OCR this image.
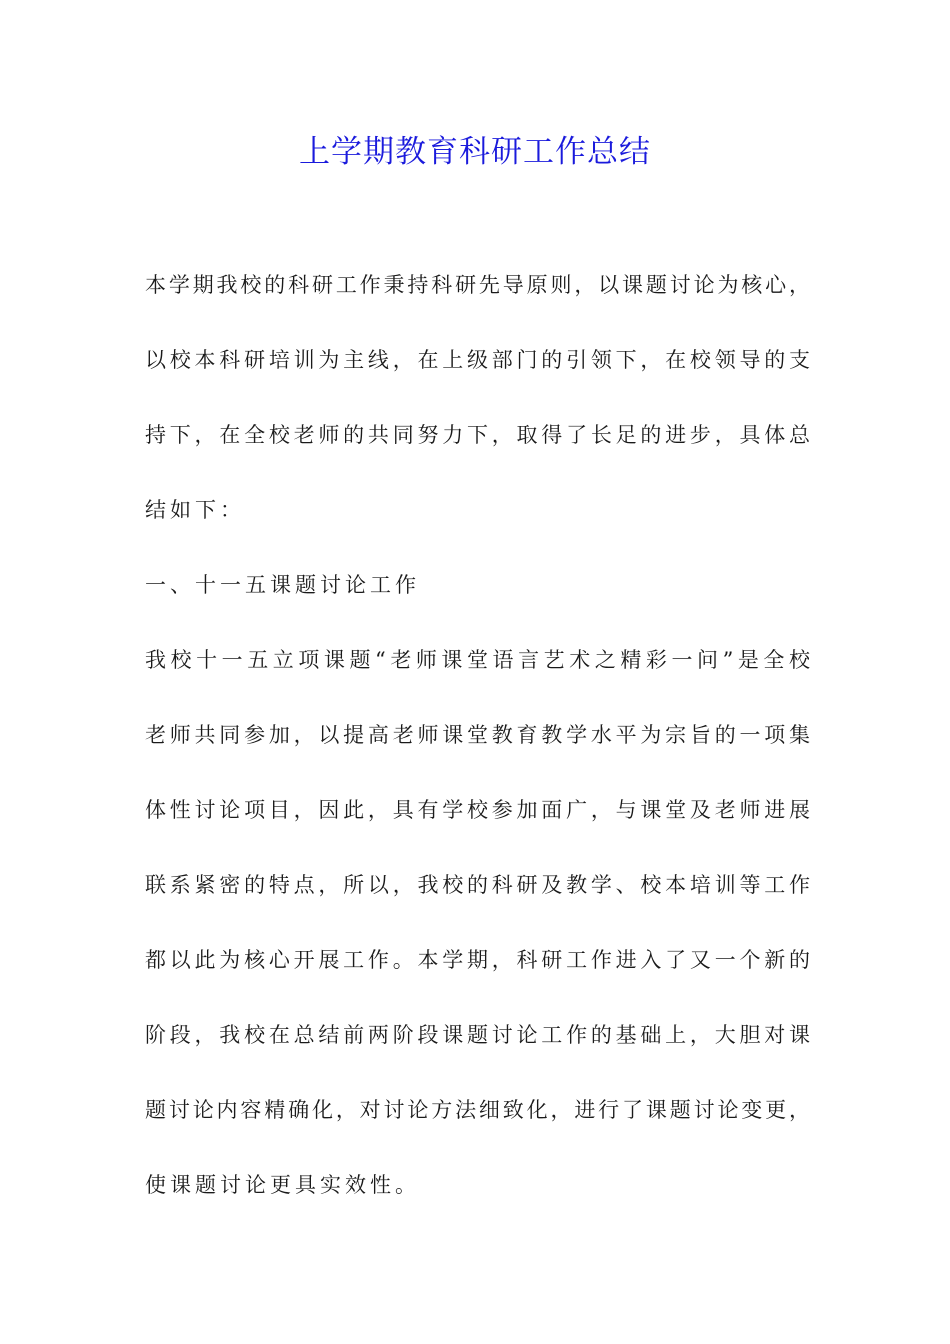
上学期教育科研工作总结

本学期我校的科研工作秉持科研先导原则，以课题讨论为核心，

以校本科研培训为主线，在上级部门的引领下，在校领导的支

持下，在全校老师的共同努力下，取得了长足的进步，具体总

结如下：

一、十一五课题讨论工作

我校十一五立项课题“老师课堂语言艺术之精彩一问”是全校

老师共同参加，以提高老师课堂教育教学水平为宗旨的一项集

体性讨论项目，因此，具有学校参加面广，与课堂及老师进展

联系紧密的特点，所以，我校的科研及教学、校本培训等工作

都以此为核心开展工作。本学期，科研工作进入了又一个新的

阶段，我校在总结前两阶段课题讨论工作的基础上，大胆对课

题讨论内容精确化，对讨论方法细致化，进行了课题讨论变更，

使课题讨论更具实效性。
